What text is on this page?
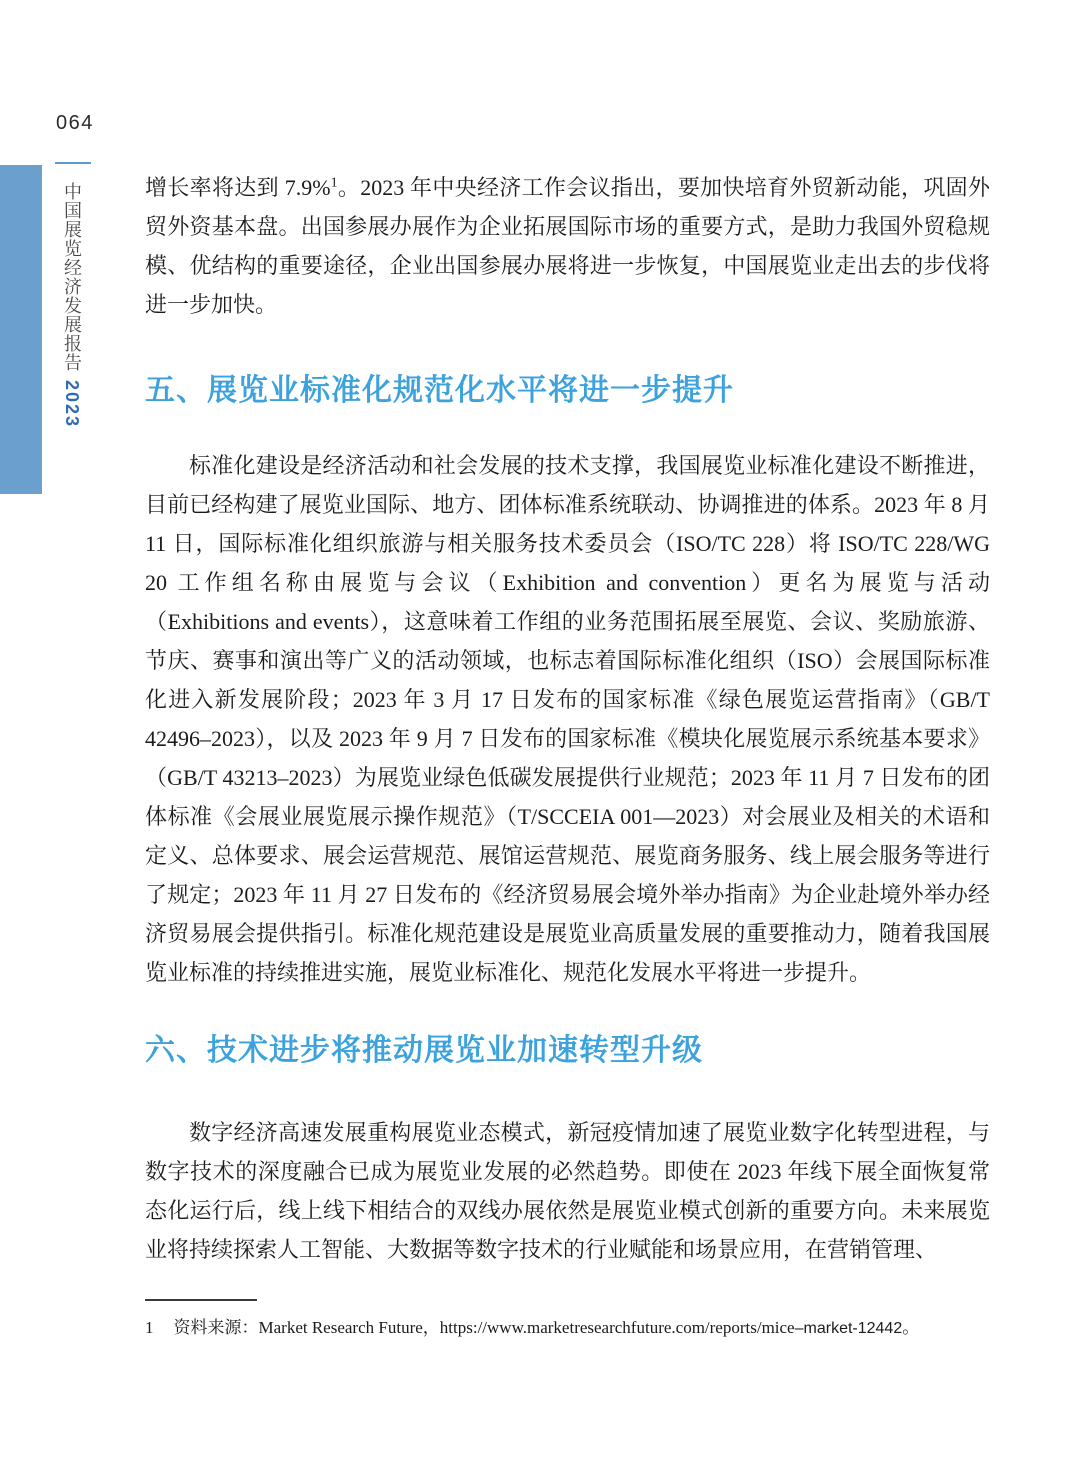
064
中国展览经济发展报告2023

增长率将达到 7.9%$^1$。2023 年中央经济工作会议指出，要加快培育外贸新动能，巩固外贸外资基本盘。出国参展办展作为企业拓展国际市场的重要方式，是助力我国外贸稳规模、优结构的重要途径，企业出国参展办展将进一步恢复，中国展览业走出去的步伐将进一步加快。

五、展览业标准化规范化水平将进一步提升

标准化建设是经济活动和社会发展的技术支撑，我国展览业标准化建设不断推进，目前已经构建了展览业国际、地方、团体标准系统联动、协调推进的体系。2023 年 8 月 11 日，国际标准化组织旅游与相关服务技术委员会（ISO/TC 228）将 ISO/TC 228/WG 20 工作组名称由展览与会议（Exhibition and convention）更名为展览与活动（Exhibitions and events），这意味着工作组的业务范围拓展至展览、会议、奖励旅游、节庆、赛事和演出等广义的活动领域，也标志着国际标准化组织（ISO）会展国际标准化进入新发展阶段；2023 年 3 月 17 日发布的国家标准《绿色展览运营指南》（GB/T 42496–2023），以及 2023 年 9 月 7 日发布的国家标准《模块化展览展示系统基本要求》（GB/T 43213–2023）为展览业绿色低碳发展提供行业规范；2023 年 11 月 7 日发布的团体标准《会展业展览展示操作规范》（T/SCCEIA 001—2023）对会展业及相关的术语和定义、总体要求、展会运营规范、展馆运营规范、展览商务服务、线上展会服务等进行了规定；2023 年 11 月 27 日发布的《经济贸易展会境外举办指南》为企业赴境外举办经济贸易展会提供指引。标准化规范建设是展览业高质量发展的重要推动力，随着我国展览业标准的持续推进实施，展览业标准化、规范化发展水平将进一步提升。

六、技术进步将推动展览业加速转型升级

数字经济高速发展重构展览业态模式，新冠疫情加速了展览业数字化转型进程，与数字技术的深度融合已成为展览业发展的必然趋势。即使在 2023 年线下展全面恢复常态化运行后，线上线下相结合的双线办展依然是展览业模式创新的重要方向。未来展览业将持续探索人工智能、大数据等数字技术的行业赋能和场景应用，在营销管理、

1 资料来源：Market Research Future，https://www.marketresearchfuture.com/reports/mice–market-12442。
